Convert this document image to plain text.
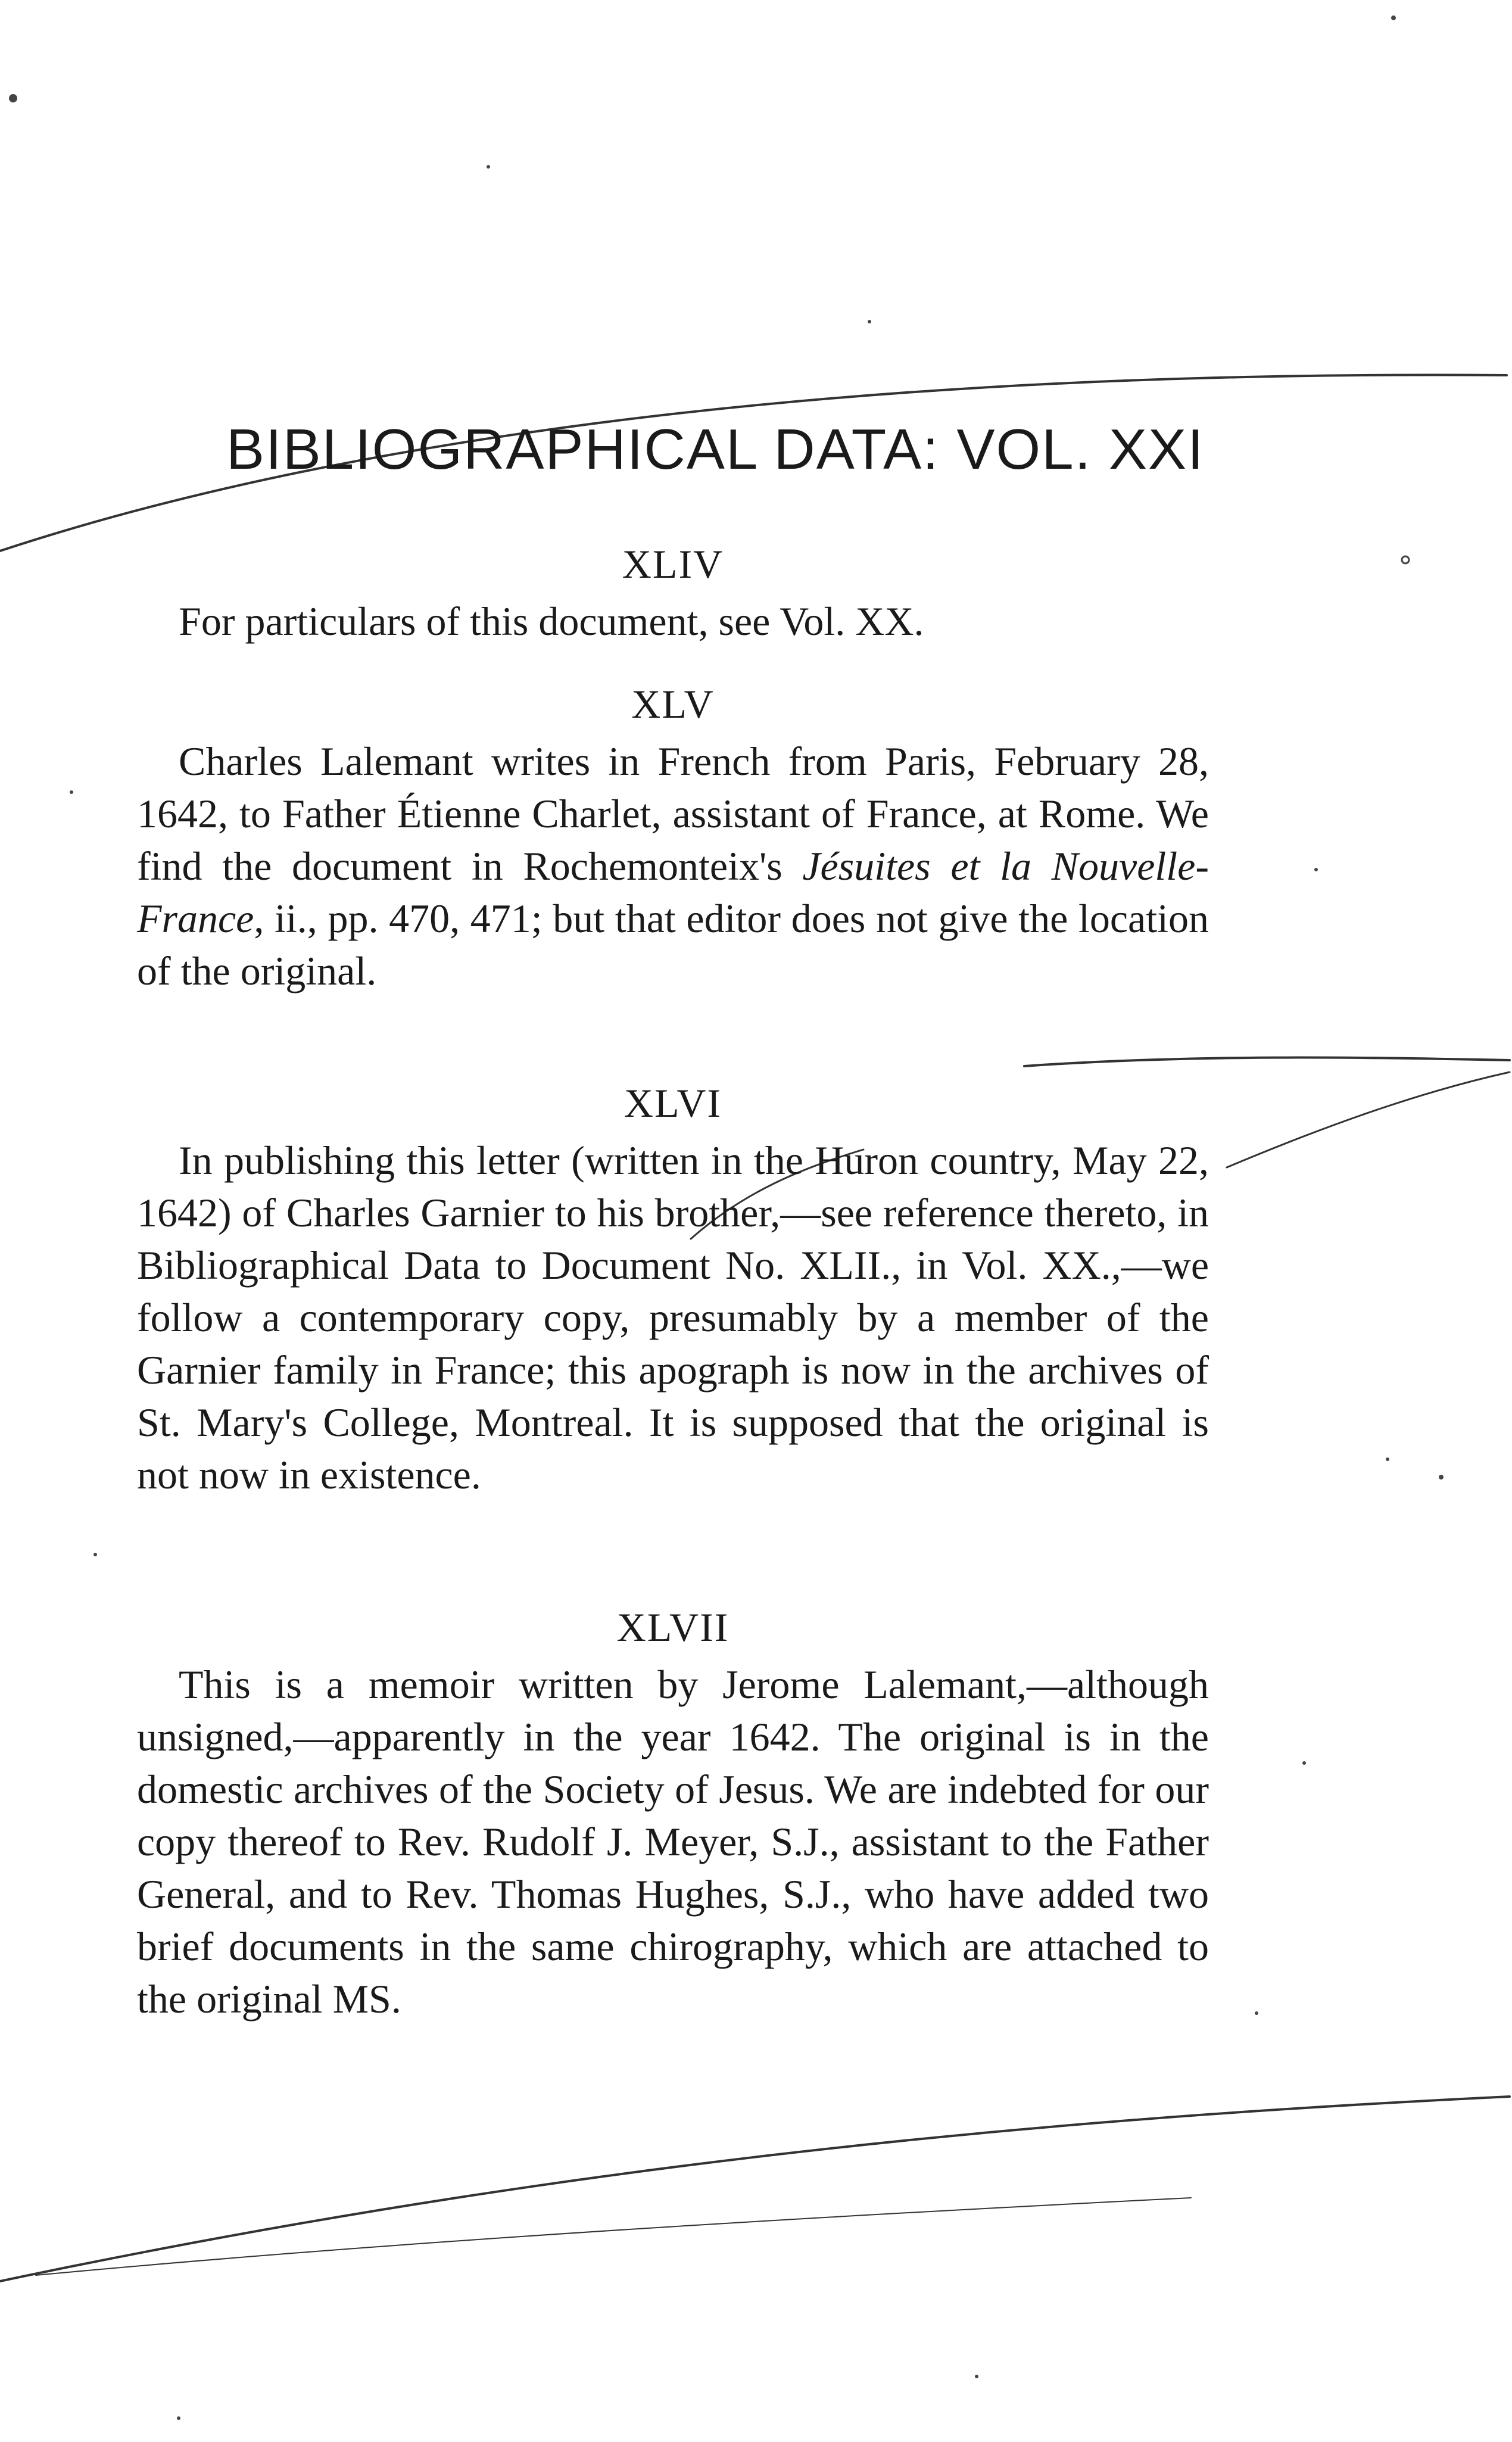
BIBLIOGRAPHICAL DATA: VOL. XXI
XLIV

For particulars of this document, see Vol. XX.

XLV

Charles Lalemant writes in French from Paris, February 28, 1642, to Father Étienne Charlet, assistant of France, at Rome. We find the document in Rochemonteix's Jésuites et la Nouvelle-France, ii., pp. 470, 471; but that editor does not give the location of the original.

XLVI

In publishing this letter (written in the Huron country, May 22, 1642) of Charles Garnier to his brother,—see reference thereto, in Bibliographical Data to Document No. XLII., in Vol. XX.,—we follow a contemporary copy, presumably by a member of the Garnier family in France; this apograph is now in the archives of St. Mary's College, Montreal. It is supposed that the original is not now in existence.

XLVII

This is a memoir written by Jerome Lalemant,—although unsigned,—apparently in the year 1642. The original is in the domestic archives of the Society of Jesus. We are indebted for our copy thereof to Rev. Rudolf J. Meyer, S.J., assistant to the Father General, and to Rev. Thomas Hughes, S.J., who have added two brief documents in the same chirography, which are attached to the original MS.
